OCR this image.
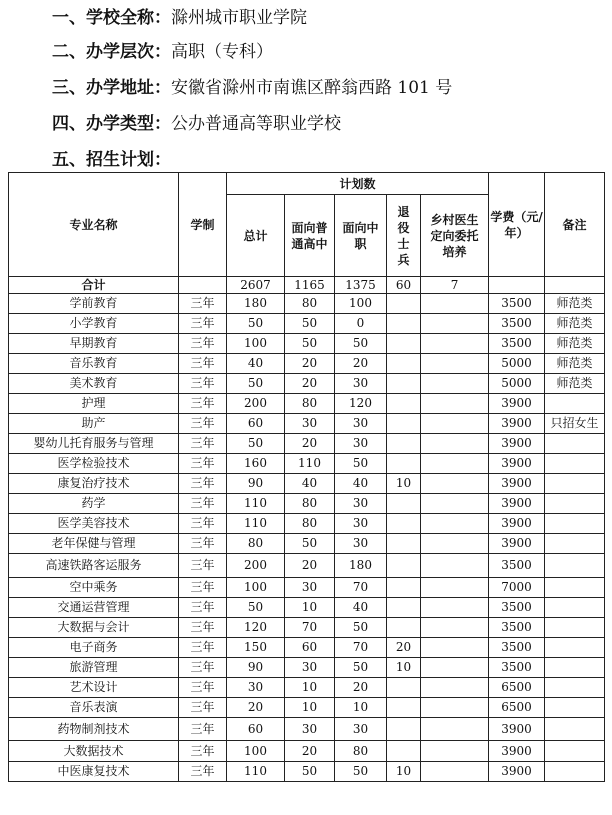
一、学校全称：滁州城市职业学院
二、办学层次：高职（专科）
三、办学地址：安徽省滁州市南谯区醉翁西路 101 号
四、办学类型：公办普通高等职业学校
五、招生计划：
专业名称	学制	计划数					学费（元/年）	备注
		总计	面向普通高中	面向中职	退役士兵	乡村医生定向委托培养		
合计		2607	1165	1375	60	7		
学前教育	三年	180	80	100			3500	师范类
小学教育	三年	50	50	0			3500	师范类
早期教育	三年	100	50	50			3500	师范类
音乐教育	三年	40	20	20			5000	师范类
美术教育	三年	50	20	30			5000	师范类
护理	三年	200	80	120			3900	
助产	三年	60	30	30			3900	只招女生
婴幼儿托育服务与管理	三年	50	20	30			3900	
医学检验技术	三年	160	110	50			3900	
康复治疗技术	三年	90	40	40	10		3900	
药学	三年	110	80	30			3900	
医学美容技术	三年	110	80	30			3900	
老年保健与管理	三年	80	50	30			3900	
高速铁路客运服务	三年	200	20	180			3500	
空中乘务	三年	100	30	70			7000	
交通运营管理	三年	50	10	40			3500	
大数据与会计	三年	120	70	50			3500	
电子商务	三年	150	60	70	20		3500	
旅游管理	三年	90	30	50	10		3500	
艺术设计	三年	30	10	20			6500	
音乐表演	三年	20	10	10			6500	
药物制剂技术	三年	60	30	30			3900	
大数据技术	三年	100	20	80			3900	
中医康复技术	三年	110	50	50	10		3900	
